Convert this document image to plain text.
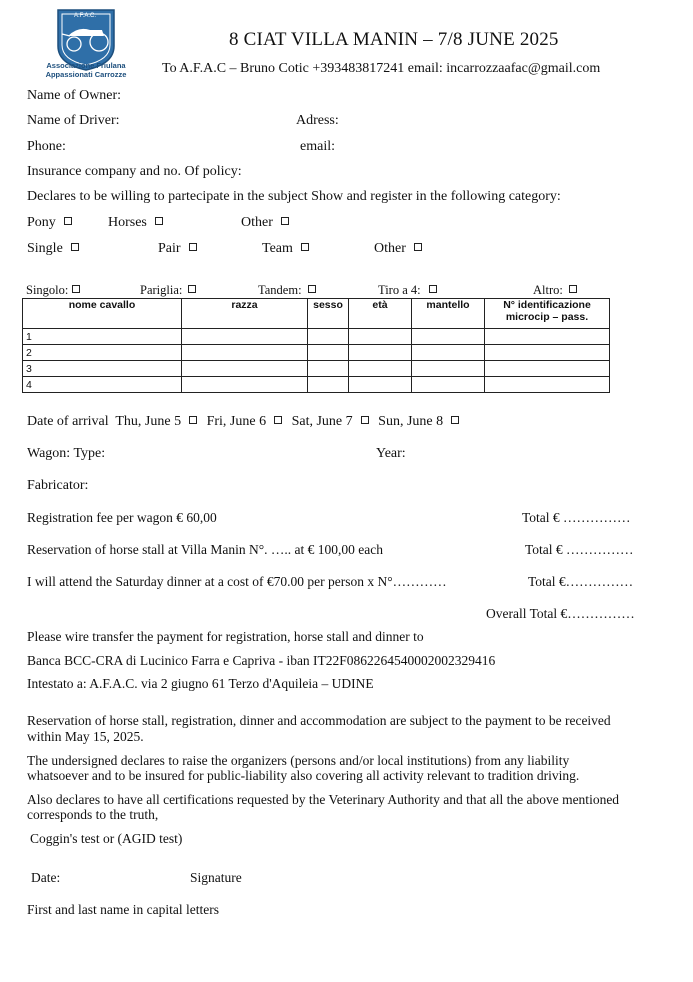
A.F.A.C.
Associazione Friulana
Appassionati Carrozze
8 CIAT VILLA MANIN – 7/8 JUNE 2025
To A.F.A.C – Bruno Cotic +393483817241 email: incarrozzaafac@gmail.com
Name of Owner:
Name of Driver:	Adress:
Phone:	email:
Insurance company and no. Of policy:
Declares to be willing to partecipate in the subject Show and register in the following category:
Pony	Horses	Other
Single	Pair	Team	Other
Singolo:	Pariglia:	Tandem:	Tiro a 4:	Altro:
nome cavallo	razza	sesso	età	mantello	N° identificazione microcip – pass.
1					
2					
3					
4					
Date of arrival Thu, June 5 Fri, June 6 Sat, June 7 Sun, June 8
Wagon: Type:	Year:
Fabricator:
Registration fee per wagon € 60,00	Total € ……………
Reservation of horse stall at Villa Manin N°. ….. at € 100,00 each	Total € ……………
I will attend the Saturday dinner at a cost of €70.00 per person x N°…………	Total €……………
Overall Total €……………
Please wire transfer the payment for registration, horse stall and dinner to
Banca BCC-CRA di Lucinico Farra e Capriva - iban IT22F0862264540002002329416
Intestato a: A.F.A.C. via 2 giugno 61 Terzo d'Aquileia – UDINE
Reservation of horse stall, registration, dinner and accommodation are subject to the payment to be received
within May 15, 2025.
The undersigned declares to raise the organizers (persons and/or local institutions) from any liability
whatsoever and to be insured for public-liability also covering all activity relevant to tradition driving.
Also declares to have all certifications requested by the Veterinary Authority and that all the above mentioned
corresponds to the truth,
Coggin's test or (AGID test)
Date:	Signature
First and last name in capital letters
